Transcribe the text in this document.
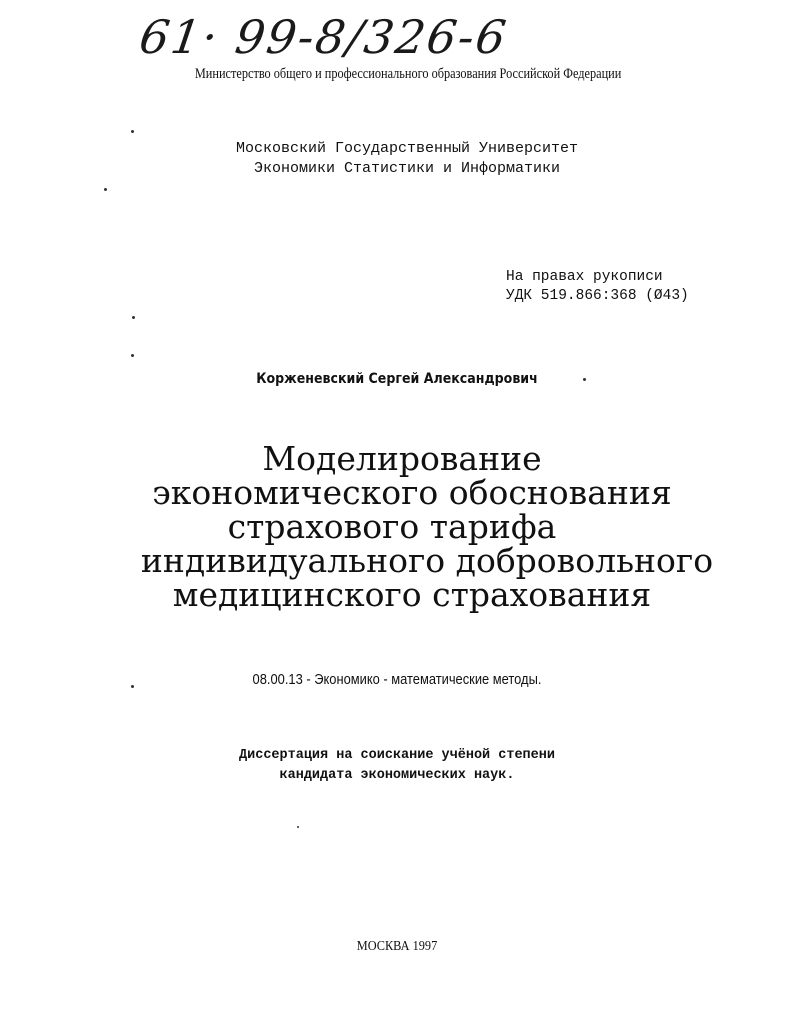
61· 99-8/326-6
Министерство общего и профессионального образования Российской Федерации
Московский Государственный Университет
Экономики Статистики и Информатики
На правах рукописи
УДК 519.866:368 (Ø43)
Корженевский Сергей Александрович
Моделирование
экономического обоснования
страхового тарифа
индивидуального добровольного
медицинского страхования
08.00.13 - Экономико - математические методы.
Диссертация на соискание учёной степени
кандидата экономических наук.
МОСКВА 1997
